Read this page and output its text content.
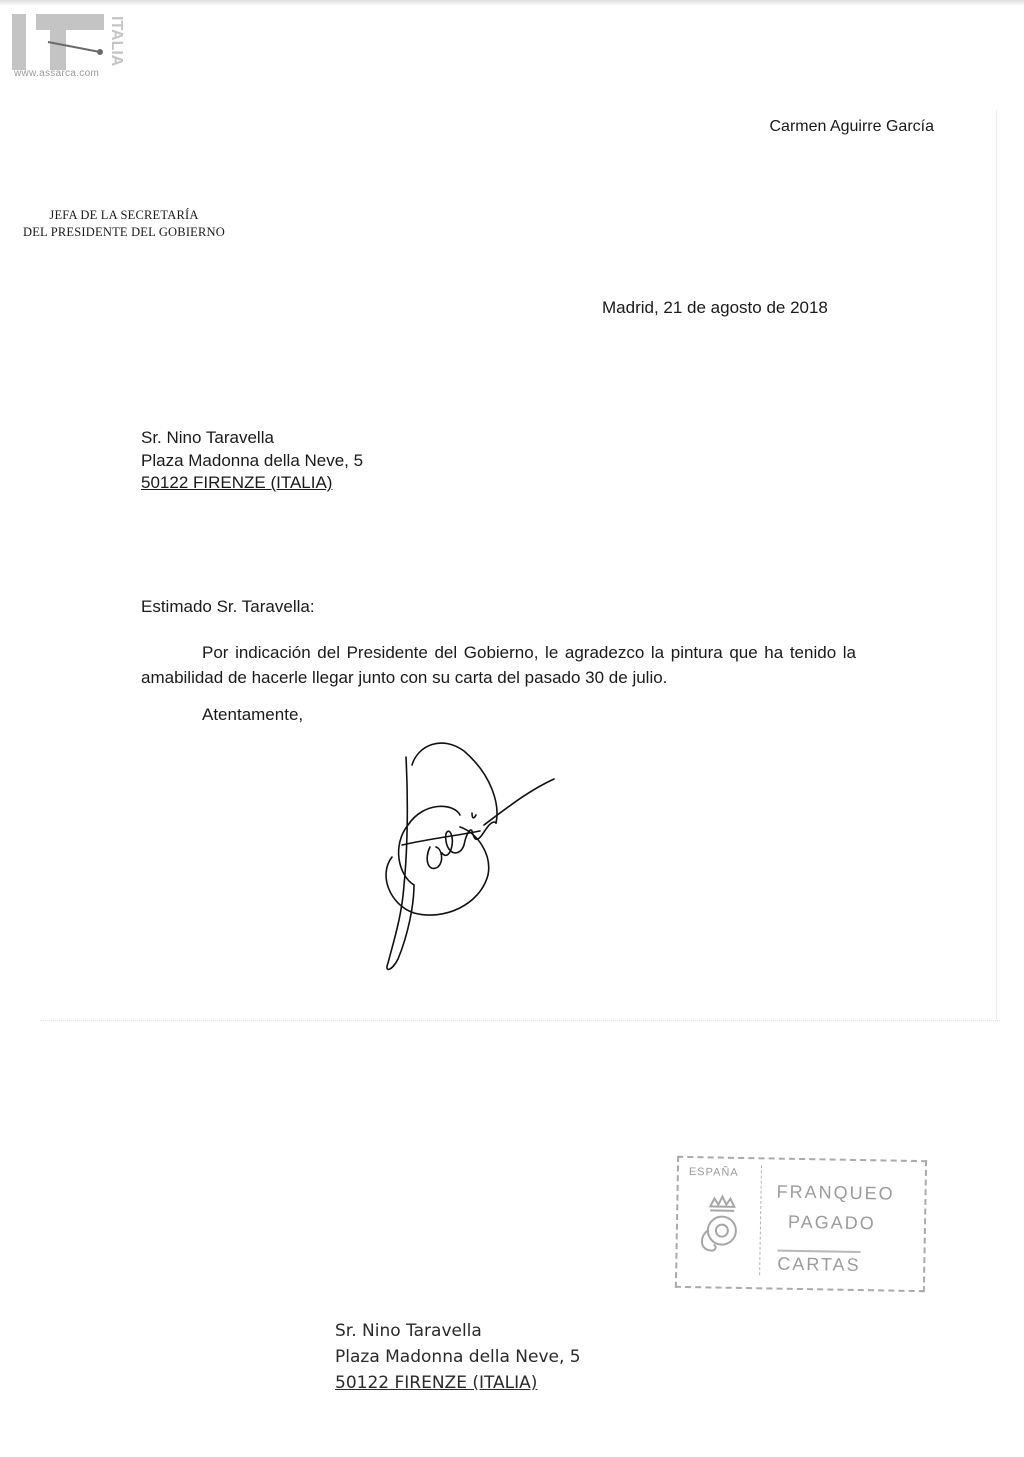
ITALIA
www.assarca.com
Carmen Aguirre García
JEFA DE LA SECRETARÍA
DEL PRESIDENTE DEL GOBIERNO
Madrid, 21 de agosto de 2018
Sr. Nino Taravella
Plaza Madonna della Neve, 5
50122 FIRENZE (ITALIA)
Estimado Sr. Taravella:
Por indicación del Presidente del Gobierno, le agradezco la pintura que ha tenido la amabilidad de hacerle llegar junto con su carta del pasado 30 de julio.
Atentamente,
ESPAÑA
FRANQUEO
PAGADO
CARTAS
Sr. Nino Taravella
Plaza Madonna della Neve, 5
50122 FIRENZE (ITALIA)
